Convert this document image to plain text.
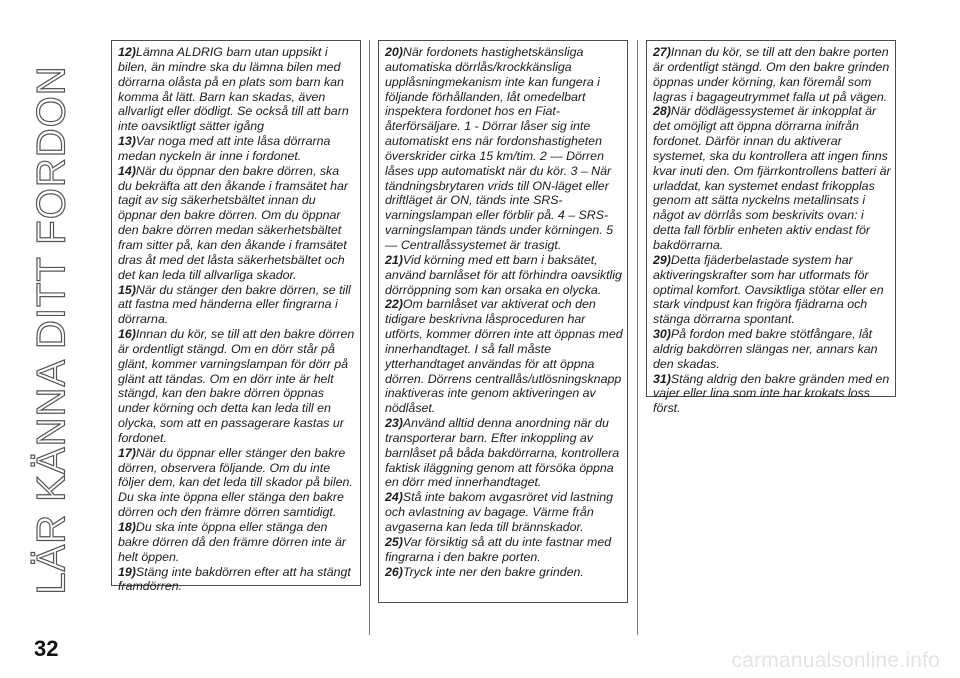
LÄR KÄNNA DITT FORDON

12)Lämna ALDRIG barn utan uppsikt i bilen, än mindre ska du lämna bilen med dörrarna olåsta på en plats som barn kan komma åt lätt. Barn kan skadas, även allvarligt eller dödligt. Se också till att barn inte oavsiktligt sätter igång

13)Var noga med att inte låsa dörrarna medan nyckeln är inne i fordonet.

14)När du öppnar den bakre dörren, ska du bekräfta att den åkande i framsätet har tagit av sig säkerhetsbältet innan du öppnar den bakre dörren. Om du öppnar den bakre dörren medan säkerhetsbältet fram sitter på, kan den åkande i framsätet dras åt med det låsta säkerhetsbältet och det kan leda till allvarliga skador.

15)När du stänger den bakre dörren, se till att fastna med händerna eller fingrarna i dörrarna.

16)Innan du kör, se till att den bakre dörren är ordentligt stängd. Om en dörr står på glänt, kommer varningslampan för dörr på glänt att tändas. Om en dörr inte är helt stängd, kan den bakre dörren öppnas under körning och detta kan leda till en olycka, som att en passagerare kastas ur fordonet.

17)När du öppnar eller stänger den bakre dörren, observera följande. Om du inte följer dem, kan det leda till skador på bilen. Du ska inte öppna eller stänga den bakre dörren och den främre dörren samtidigt.

18)Du ska inte öppna eller stänga den bakre dörren då den främre dörren inte är helt öppen.

19)Stäng inte bakdörren efter att ha stängt framdörren.

20)När fordonets hastighetskänsliga automatiska dörrlås/krockkänsliga upplåsningmekanism inte kan fungera i följande förhållanden, låt omedelbart inspektera fordonet hos en Fiat-återförsäljare. 1 - Dörrar låser sig inte automatiskt ens när fordonshastigheten överskrider cirka 15 km/tim. 2 — Dörren låses upp automatiskt när du kör. 3 – När tändningsbrytaren vrids till ON-läget eller driftläget är ON, tänds inte SRS-varningslampan eller förblir på. 4 – SRS-varningslampan tänds under körningen. 5 — Centrallåssystemet är trasigt.

21)Vid körning med ett barn i baksätet, använd barnlåset för att förhindra oavsiktlig dörröppning som kan orsaka en olycka.

22)Om barnlåset var aktiverat och den tidigare beskrivna låsproceduren har utförts, kommer dörren inte att öppnas med innerhandtaget. I så fall måste ytterhandtaget användas för att öppna dörren. Dörrens centrallås/utlösningsknapp inaktiveras inte genom aktiveringen av nödlåset.

23)Använd alltid denna anordning när du transporterar barn. Efter inkoppling av barnlåset på båda bakdörrarna, kontrollera faktisk iläggning genom att försöka öppna en dörr med innerhandtaget.

24)Stå inte bakom avgasröret vid lastning och avlastning av bagage. Värme från avgaserna kan leda till brännskador.

25)Var försiktig så att du inte fastnar med fingrarna i den bakre porten.

26)Tryck inte ner den bakre grinden.

27)Innan du kör, se till att den bakre porten är ordentligt stängd. Om den bakre grinden öppnas under körning, kan föremål som lagras i bagageutrymmet falla ut på vägen.

28)När dödlägessystemet är inkopplat är det omöjligt att öppna dörrarna inifrån fordonet. Därför innan du aktiverar systemet, ska du kontrollera att ingen finns kvar inuti den. Om fjärrkontrollens batteri är urladdat, kan systemet endast frikopplas genom att sätta nyckelns metallinsats i något av dörrlås som beskrivits ovan: i detta fall förblir enheten aktiv endast för bakdörrarna.

29)Detta fjäderbelastade system har aktiveringskrafter som har utformats för optimal komfort. Oavsiktliga stötar eller en stark vindpust kan frigöra fjädrarna och stänga dörrarna spontant.

30)På fordon med bakre stötfångare, låt aldrig bakdörren slängas ner, annars kan den skadas.

31)Stäng aldrig den bakre gränden med en vajer eller lina som inte har krokats loss först.

32	carmanualsonline.info
